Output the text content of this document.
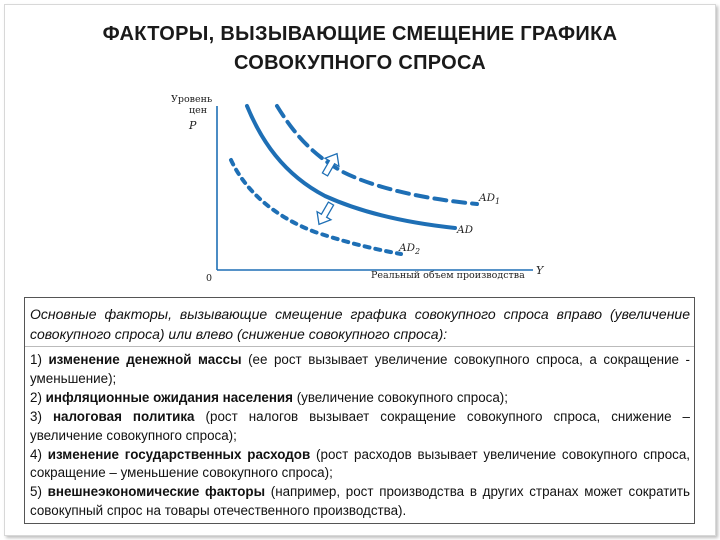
ФАКТОРЫ, ВЫЗЫВАЮЩИЕ СМЕЩЕНИЕ ГРАФИКА
СОВОКУПНОГО СПРОСА
Уровень
цен
P
0	Реальный объем производства Y
$AD_1$
AD
$AD_2$
Основные факторы, вызывающие смещение графика совокупного спроса вправо (увеличение совокупного спроса) или влево (снижение совокупного спроса):
1) изменение денежной массы (ее рост вызывает увеличение совокупного спроса, а сокращение - уменьшение);
2) инфляционные ожидания населения (увеличение совокупного спроса);
3) налоговая политика (рост налогов вызывает сокращение совокупного спроса, снижение – увеличение совокупного спроса);
4) изменение государственных расходов (рост расходов вызывает увеличение совокупного спроса, сокращение – уменьшение совокупного спроса);
5) внешнеэкономические факторы (например, рост производства в других странах может сократить совокупный спрос на товары отечественного производства).
